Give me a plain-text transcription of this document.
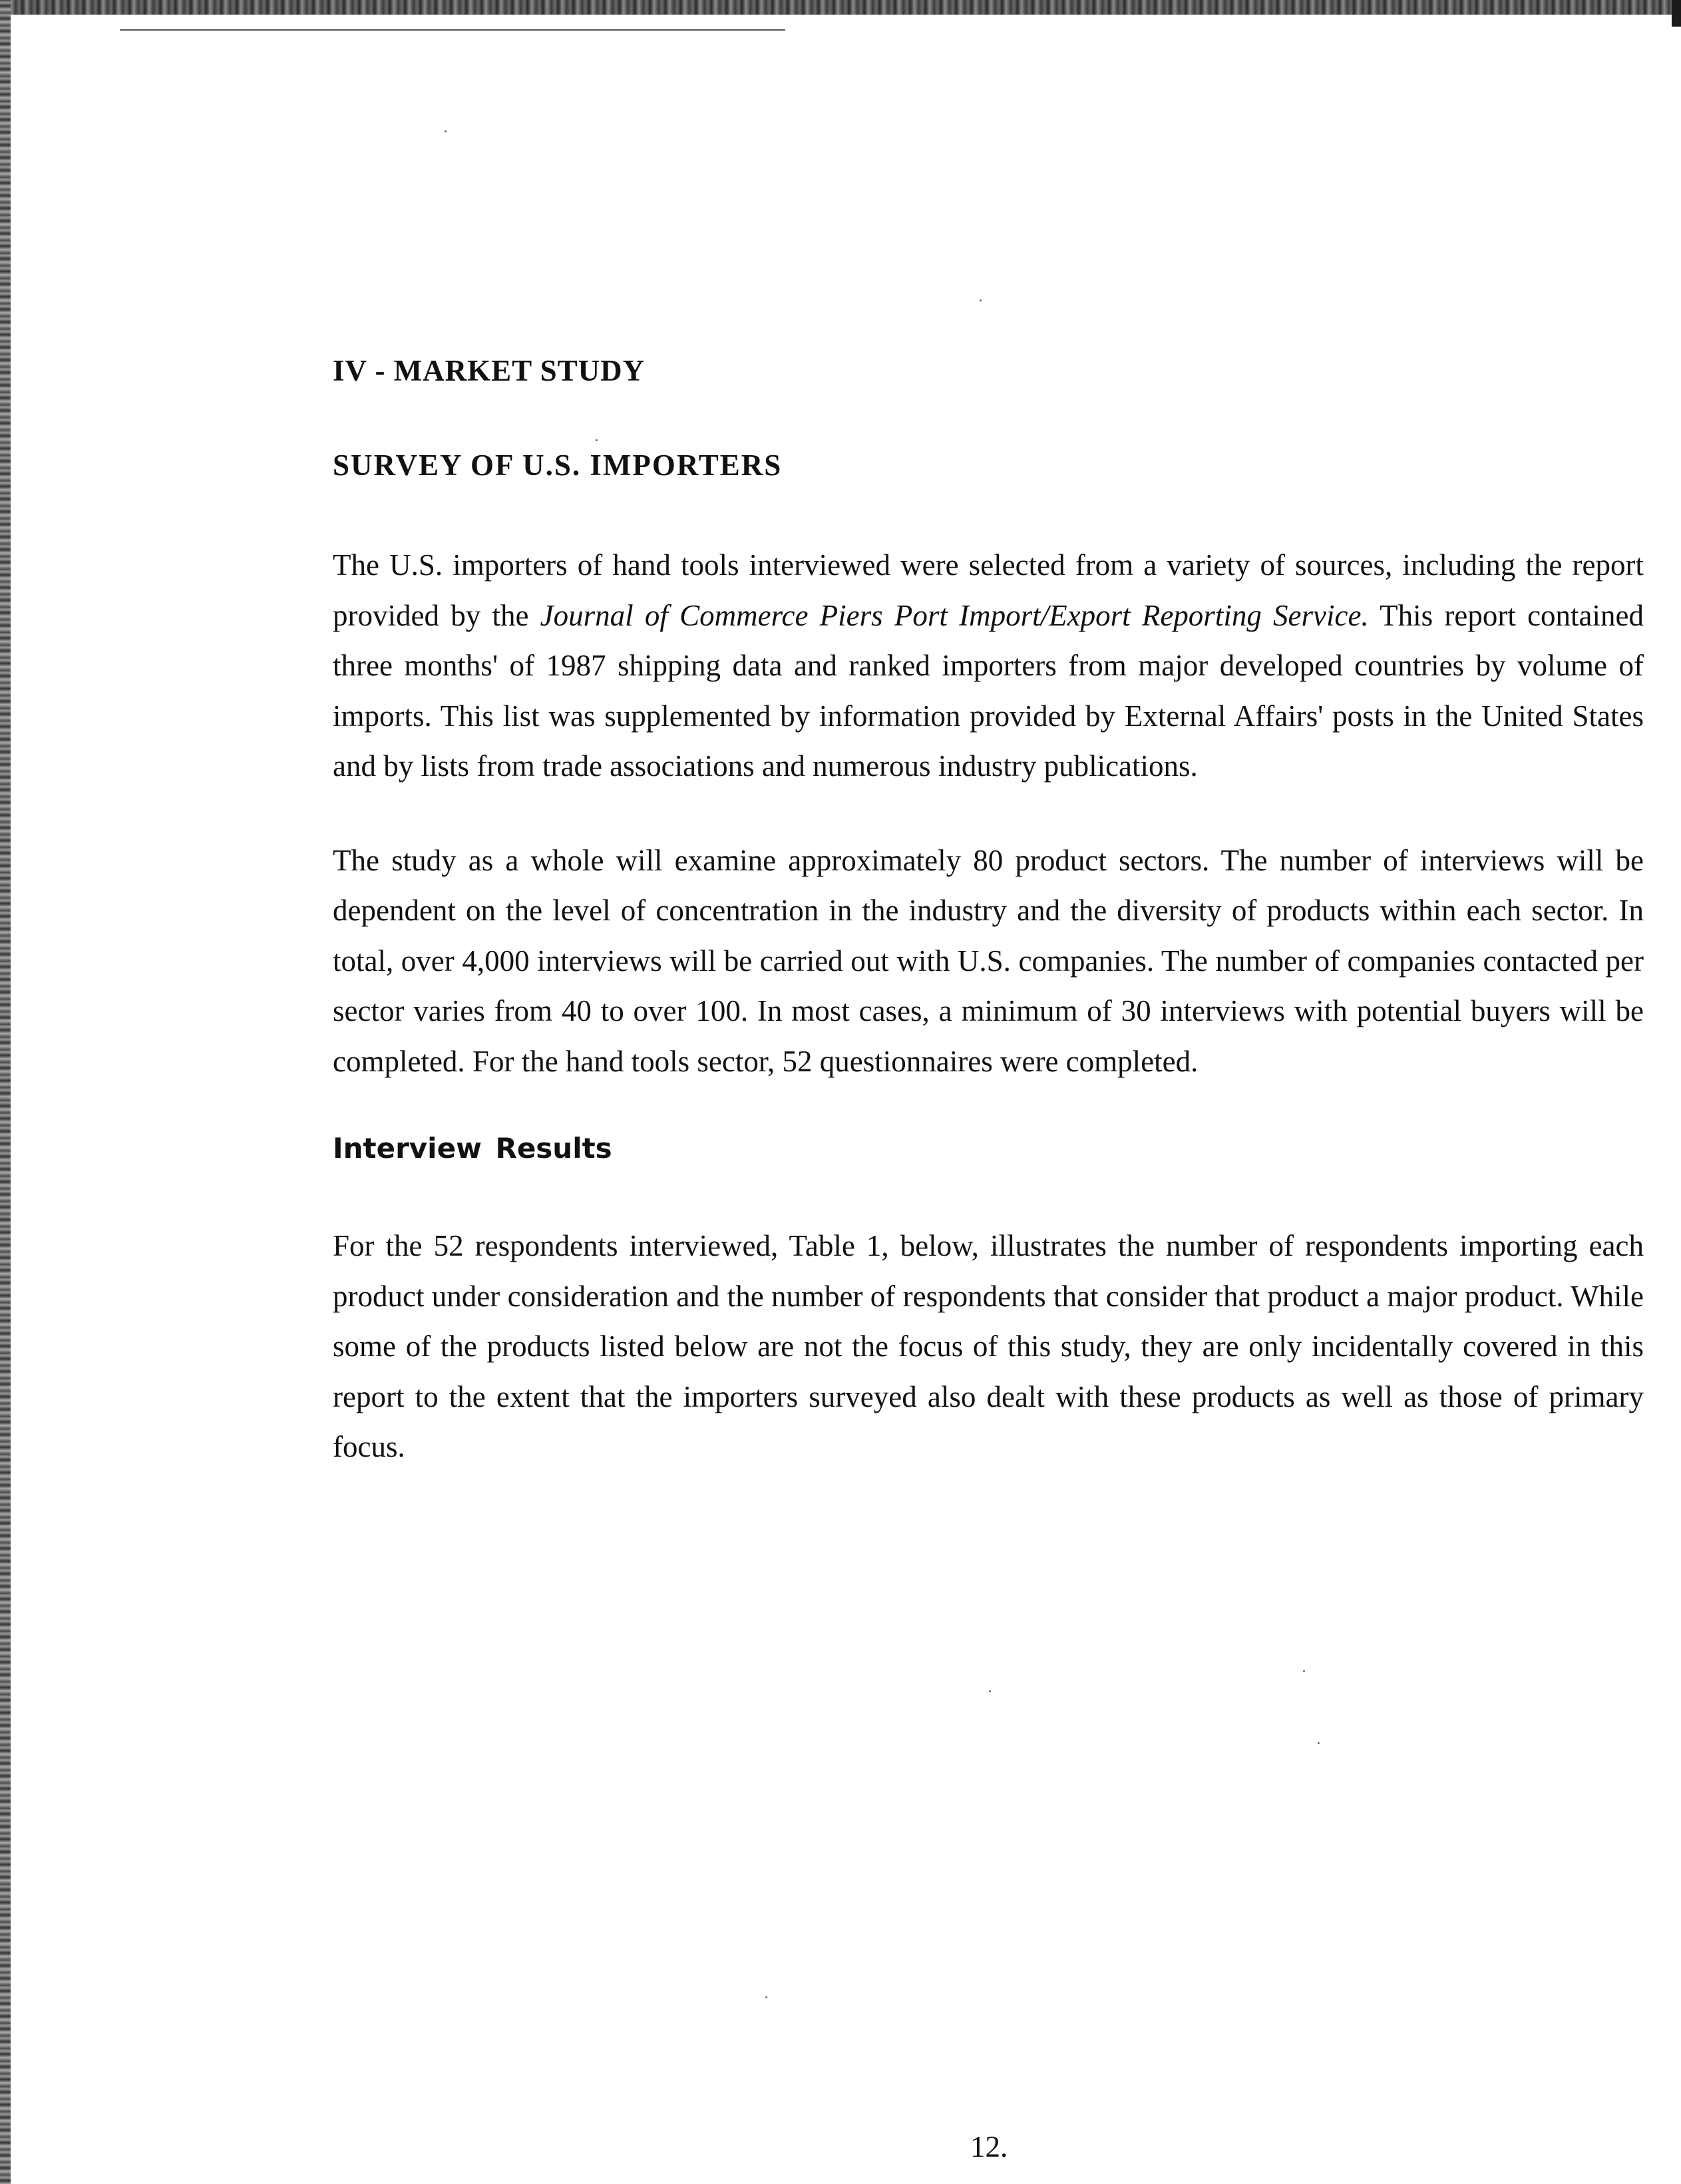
IV - MARKET STUDY
SURVEY OF U.S. IMPORTERS

The U.S. importers of hand tools interviewed were selected from a variety of sources, including the report provided by the Journal of Commerce Piers Port Import/Export Reporting Service. This report contained three months' of 1987 shipping data and ranked importers from major developed countries by volume of imports. This list was supplemented by information provided by External Affairs' posts in the United States and by lists from trade associations and numerous industry publications.

The study as a whole will examine approximately 80 product sectors. The number of interviews will be dependent on the level of concentration in the industry and the diversity of products within each sector. In total, over 4,000 interviews will be carried out with U.S. companies. The number of companies contacted per sector varies from 40 to over 100. In most cases, a minimum of 30 interviews with potential buyers will be completed. For the hand tools sector, 52 questionnaires were completed.

Interview Results

For the 52 respondents interviewed, Table 1, below, illustrates the number of respondents importing each product under consideration and the number of respondents that consider that product a major product. While some of the products listed below are not the focus of this study, they are only incidentally covered in this report to the extent that the importers surveyed also dealt with these products as well as those of primary focus.

12.
